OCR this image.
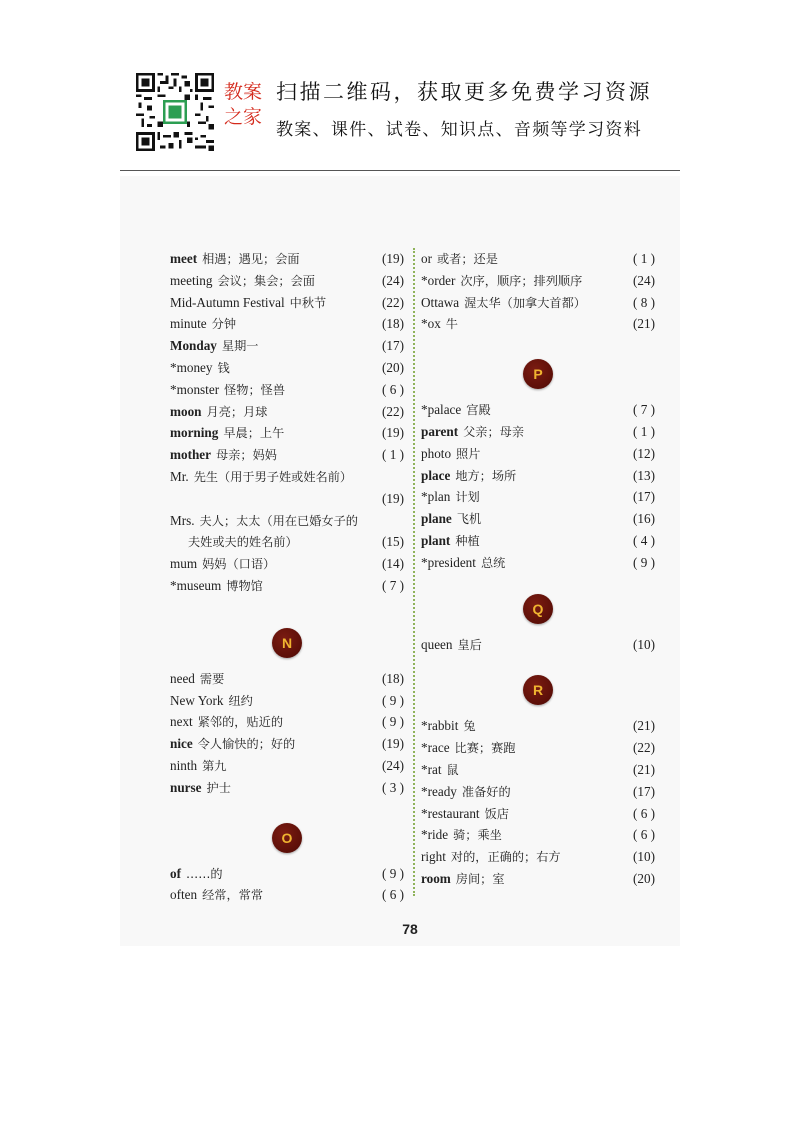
教案
之家
扫描二维码，获取更多免费学习资源
教案、课件、试卷、知识点、音频等学习资料
meet 相遇；遇见；会面	(19)
meeting 会议；集会；会面	(24)
Mid-Autumn Festival 中秋节	(22)
minute 分钟	(18)
Monday 星期一	(17)
*money 钱	(20)
*monster 怪物；怪兽	( 6 )
moon 月亮；月球	(22)
morning 早晨；上午	(19)
mother 母亲；妈妈	( 1 )
Mr. 先生（用于男子姓或姓名前）
(19)
Mrs. 夫人；太太（用在已婚女子的
夫姓或夫的姓名前）	(15)
mum 妈妈（口语）	(14)
*museum 博物馆	( 7 )
N
need 需要	(18)
New York 纽约	( 9 )
next 紧邻的，贴近的	( 9 )
nice 令人愉快的；好的	(19)
ninth 第九	(24)
nurse 护士	( 3 )
O
of ……的	( 9 )
often 经常，常常	( 6 )
or 或者；还是	( 1 )
*order 次序，顺序；排列顺序	(24)
Ottawa 渥太华（加拿大首都）	( 8 )
*ox 牛	(21)
P
*palace 宫殿	( 7 )
parent 父亲；母亲	( 1 )
photo 照片	(12)
place 地方；场所	(13)
*plan 计划	(17)
plane 飞机	(16)
plant 种植	( 4 )
*president 总统	( 9 )
Q
queen 皇后	(10)
R
*rabbit 兔	(21)
*race 比赛；赛跑	(22)
*rat 鼠	(21)
*ready 准备好的	(17)
*restaurant 饭店	( 6 )
*ride 骑；乘坐	( 6 )
right 对的，正确的；右方	(10)
room 房间；室	(20)
78
